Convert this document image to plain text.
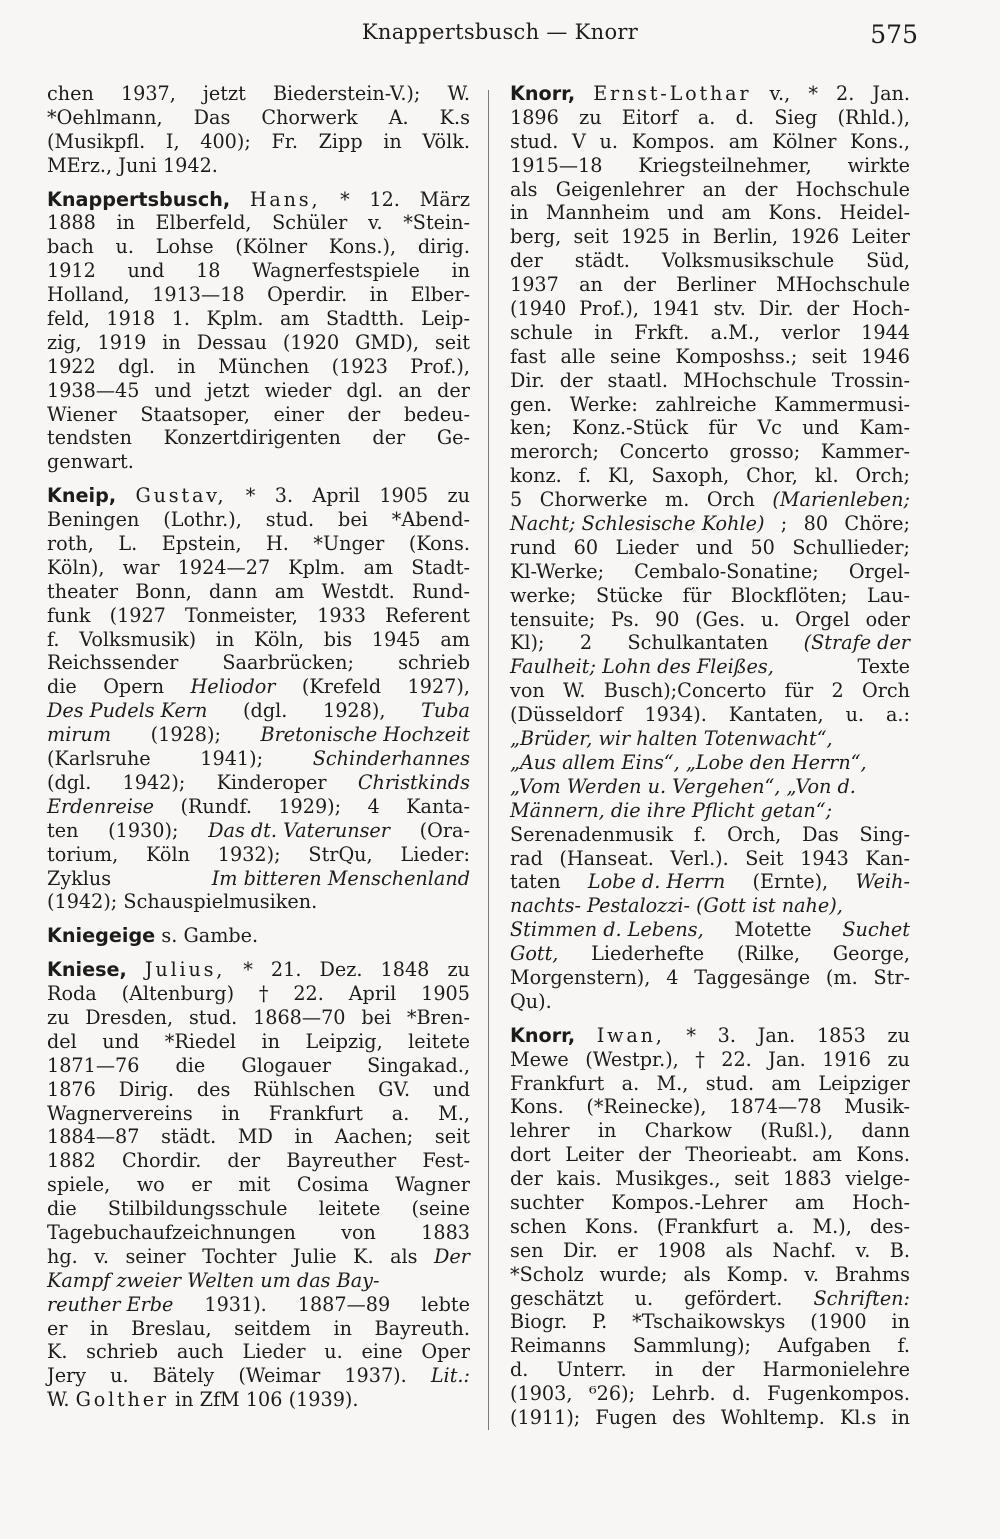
Knappertsbusch — Knorr	575
chen 1937, jetzt Biederstein-V.); W.
*Oehlmann, Das Chorwerk A. K.s
(Musikpfl. I, 400); Fr. Zipp in Völk.
MErz., Juni 1942.
Knappertsbusch, Hans, * 12. März
1888 in Elberfeld, Schüler v. *Stein-
bach u. Lohse (Kölner Kons.), dirig.
1912 und 18 Wagnerfestspiele in
Holland, 1913—18 Operdir. in Elber-
feld, 1918 1. Kplm. am Stadtth. Leip-
zig, 1919 in Dessau (1920 GMD), seit
1922 dgl. in München (1923 Prof.),
1938—45 und jetzt wieder dgl. an der
Wiener Staatsoper, einer der bedeu-
tendsten Konzertdirigenten der Ge-
genwart.
Kneip, Gustav, * 3. April 1905 zu
Beningen (Lothr.), stud. bei *Abend-
roth, L. Epstein, H. *Unger (Kons.
Köln), war 1924—27 Kplm. am Stadt-
theater Bonn, dann am Westdt. Rund-
funk (1927 Tonmeister, 1933 Referent
f. Volksmusik) in Köln, bis 1945 am
Reichssender Saarbrücken; schrieb
die Opern Heliodor (Krefeld 1927),
Des Pudels Kern (dgl. 1928), Tuba
mirum (1928); Bretonische Hochzeit
(Karlsruhe	1941);	Schinderhannes
(dgl. 1942); Kinderoper Christkinds
Erdenreise (Rundf. 1929); 4 Kanta-
ten (1930); Das dt. Vaterunser (Ora-
torium, Köln 1932); StrQu, Lieder:
Zyklus	Im bitteren Menschenland
(1942); Schauspielmusiken.
Kniegeige s. Gambe.
Kniese, Julius, * 21. Dez. 1848 zu
Roda (Altenburg) † 22. April 1905
zu Dresden, stud. 1868—70 bei *Bren-
del und *Riedel in Leipzig, leitete
1871—76 die Glogauer Singakad.,
1876 Dirig. des Rühlschen GV. und
Wagnervereins in Frankfurt a. M.,
1884—87 städt. MD in Aachen; seit
1882 Chordir. der Bayreuther Fest-
spiele, wo er mit Cosima Wagner
die Stilbildungsschule leitete (seine
Tagebuchaufzeichnungen von 1883
hg. v. seiner Tochter Julie K. als Der
Kampf zweier Welten um das Bay-
reuther Erbe 1931). 1887—89 lebte
er in Breslau, seitdem in Bayreuth.
K. schrieb auch Lieder u. eine Oper
Jery u. Bätely (Weimar 1937). Lit.:
W. Golther in ZfM 106 (1939).
Knorr, Ernst-Lothar v., * 2. Jan.
1896 zu Eitorf a. d. Sieg (Rhld.),
stud. V u. Kompos. am Kölner Kons.,
1915—18 Kriegsteilnehmer, wirkte
als Geigenlehrer an der Hochschule
in Mannheim und am Kons. Heidel-
berg, seit 1925 in Berlin, 1926 Leiter
der städt. Volksmusikschule Süd,
1937 an der Berliner MHochschule
(1940 Prof.), 1941 stv. Dir. der Hoch-
schule in Frkft. a.M., verlor 1944
fast alle seine Komposhss.; seit 1946
Dir. der staatl. MHochschule Trossin-
gen. Werke: zahlreiche Kammermusi-
ken; Konz.-Stück für Vc und Kam-
merorch; Concerto grosso; Kammer-
konz. f. Kl, Saxoph, Chor, kl. Orch;
5 Chorwerke m. Orch (Marienleben;
Nacht; Schlesische Kohle) ; 80 Chöre;
rund 60 Lieder und 50 Schullieder;
Kl-Werke; Cembalo-Sonatine; Orgel-
werke; Stücke für Blockflöten; Lau-
tensuite; Ps. 90 (Ges. u. Orgel oder
Kl); 2 Schulkantaten (Strafe der
Faulheit; Lohn des Fleißes,	Texte
von W. Busch);Concerto für 2 Orch
(Düsseldorf 1934). Kantaten, u. a.:
„Brüder, wir halten Totenwacht“,
„Aus allem Eins“, „Lobe den Herrn“,
„Vom Werden u. Vergehen“, „Von d.
Männern, die ihre Pflicht getan“;
Serenadenmusik f. Orch, Das Sing-
rad (Hanseat. Verl.). Seit 1943 Kan-
taten Lobe d. Herrn (Ernte), Weih-
nachts- Pestalozzi- (Gott ist nahe),
Stimmen d. Lebens, Motette Suchet
Gott, Liederhefte (Rilke, George,
Morgenstern), 4 Taggesänge (m. Str-
Qu).
Knorr, Iwan, * 3. Jan. 1853 zu
Mewe (Westpr.), † 22. Jan. 1916 zu
Frankfurt a. M., stud. am Leipziger
Kons. (*Reinecke), 1874—78 Musik-
lehrer in Charkow (Rußl.), dann
dort Leiter der Theorieabt. am Kons.
der kais. Musikges., seit 1883 vielge-
suchter Kompos.-Lehrer am Hoch-
schen Kons. (Frankfurt a. M.), des-
sen Dir. er 1908 als Nachf. v. B.
*Scholz wurde; als Komp. v. Brahms
geschätzt u. gefördert. Schriften:
Biogr. P. *Tschaikowskys (1900 in
Reimanns Sammlung); Aufgaben f.
d. Unterr. in der Harmonielehre
(1903, ⁶26); Lehrb. d. Fugenkompos.
(1911); Fugen des Wohltemp. Kl.s in
